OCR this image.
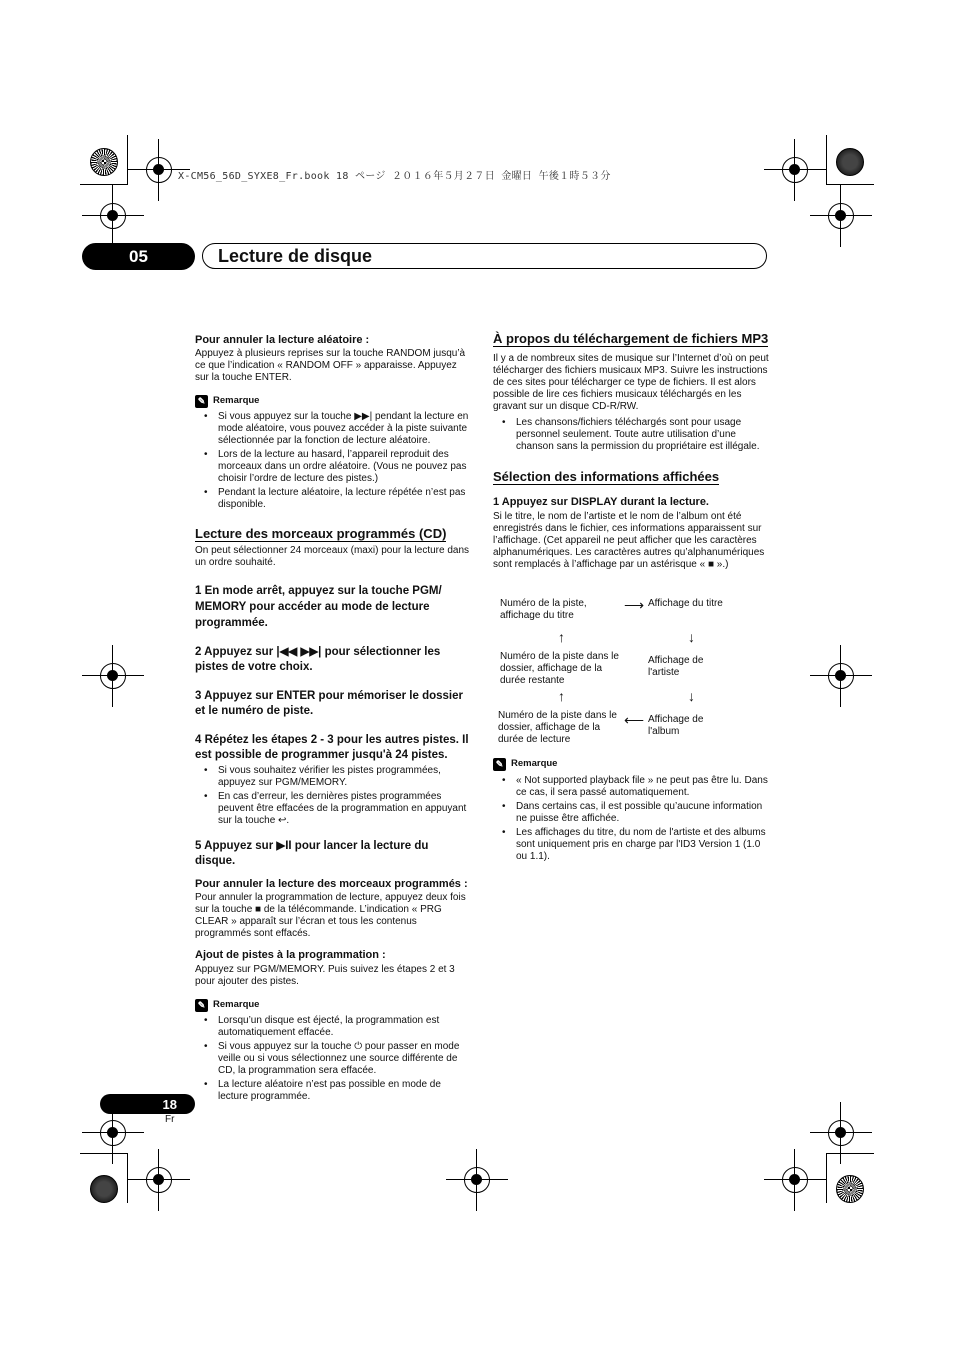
X-CM56_56D_SYXE8_Fr.book 18 ページ ２０１６年５月２７日 金曜日 午後１時５３分
05	Lecture de disque

Pour annuler la lecture aléatoire :

Appuyez à plusieurs reprises sur la touche RANDOM jusqu’à ce que l’indication « RANDOM OFF » apparaisse. Appuyez sur la touche ENTER.

✎ Remarque
• Si vous appuyez sur la touche ▶▶| pendant la lecture en mode aléatoire, vous pouvez accéder à la piste suivante sélectionnée par la fonction de lecture aléatoire.
• Lors de la lecture au hasard, l’appareil reproduit des morceaux dans un ordre aléatoire. (Vous ne pouvez pas choisir l’ordre de lecture des pistes.)
• Pendant la lecture aléatoire, la lecture répétée n’est pas disponible.

Lecture des morceaux programmés (CD)

On peut sélectionner 24 morceaux (maxi) pour la lecture dans un ordre souhaité.

1 En mode arrêt, appuyez sur la touche PGM/ MEMORY pour accéder au mode de lecture programmée.

2 Appuyez sur |◀◀ ▶▶| pour sélectionner les pistes de votre choix.

3 Appuyez sur ENTER pour mémoriser le dossier et le numéro de piste.

4 Répétez les étapes 2 - 3 pour les autres pistes. Il est possible de programmer jusqu'à 24 pistes.

• Si vous souhaitez vérifier les pistes programmées, appuyez sur PGM/MEMORY.
• En cas d’erreur, les dernières pistes programmées peuvent être effacées de la programmation en appuyant sur la touche ↩.

5 Appuyez sur ▶II pour lancer la lecture du disque.

Pour annuler la lecture des morceaux programmés :

Pour annuler la programmation de lecture, appuyez deux fois sur la touche ■ de la télécommande. L’indication « PRG CLEAR » apparaît sur l’écran et tous les contenus programmés sont effacés.

Ajout de pistes à la programmation :

Appuyez sur PGM/MEMORY. Puis suivez les étapes 2 et 3 pour ajouter des pistes.

✎ Remarque
• Lorsqu’un disque est éjecté, la programmation est automatiquement effacée.
• Si vous appuyez sur la touche ⏻ pour passer en mode veille ou si vous sélectionnez une source différente de CD, la programmation sera effacée.
• La lecture aléatoire n’est pas possible en mode de lecture programmée.

À propos du téléchargement de fichiers MP3

Il y a de nombreux sites de musique sur l’Internet d’où on peut télécharger des fichiers musicaux MP3. Suivre les instructions de ces sites pour télécharger ce type de fichiers. Il est alors possible de lire ces fichiers musicaux téléchargés en les gravant sur un disque CD-R/RW.

• Les chansons/fichiers téléchargés sont pour usage personnel seulement. Toute autre utilisation d’une chanson sans la permission du propriétaire est illégale.

Sélection des informations affichées

1 Appuyez sur DISPLAY durant la lecture.

Si le titre, le nom de l’artiste et le nom de l’album ont été enregistrés dans le fichier, ces informations apparaissent sur l’affichage. (Cet appareil ne peut afficher que les caractères alphanumériques. Les caractères autres qu’alphanumériques sont remplacés à l’affichage par un astérisque « ■ ».)

Numéro de la piste, affichage du titre
Affichage du titre
Numéro de la piste dans le dossier, affichage de la durée restante
Affichage de l'artiste
Numéro de la piste dans le dossier, affichage de la durée de lecture
Affichage de l'album
⟶
↑	↓
↑	↓
⟵
✎ Remarque
• « Not supported playback file » ne peut pas être lu. Dans ce cas, il sera passé automatiquement.
• Dans certains cas, il est possible qu’aucune information ne puisse être affichée.
• Les affichages du titre, du nom de l'artiste et des albums sont uniquement pris en charge par l'ID3 Version 1 (1.0 ou 1.1).
18
Fr
